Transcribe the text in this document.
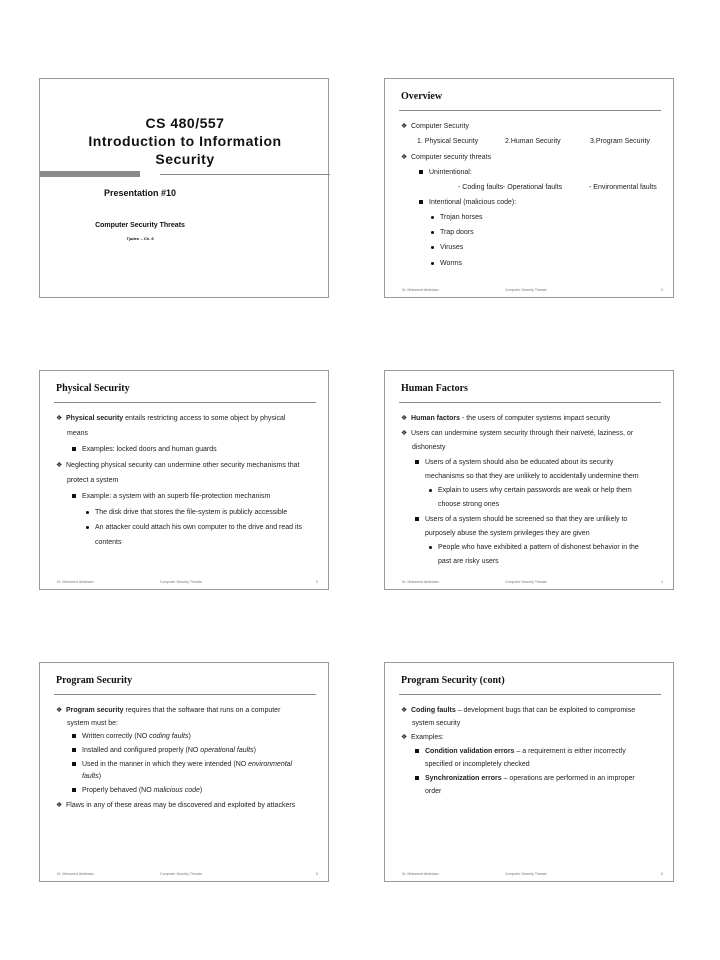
CS 480/557
Introduction to Information
Security
Presentation #10
Computer Security Threats
Tjaden – Ch. 8
Overview
❖ Computer Security
1. Physical Security	2.Human Security	3.Program Security
❖ Computer security threats
Unintentional:
- Coding faults - Operational faults	- Environmental faults
Intentional (malicious code):
Trojan horses
Trap doors
Viruses
Worms
Dr. Mohamed Abdelaziz	Computer Security Threats	2
Physical Security
❖ Physical security entails restricting access to some object by physical
means
Examples: locked doors and human guards
❖ Neglecting physical security can undermine other security mechanisms that
protect a system
Example: a system with an superb file-protection mechanism
The disk drive that stores the file-system is publicly accessible
An attacker could attach his own computer to the drive and read its
contents
Dr. Mohamed Abdelaziz	Computer Security Threats	3
Human Factors
❖ Human factors - the users of computer systems impact security
❖ Users can undermine system security through their naïveté, laziness, or
dishonesty
Users of a system should also be educated about its security
mechanisms so that they are unlikely to accidentally undermine them
Explain to users why certain passwords are weak or help them
choose strong ones
Users of a system should be screened so that they are unlikely to
purposely abuse the system privileges they are given
People who have exhibited a pattern of dishonest behavior in the
past are risky users
Dr. Mohamed Abdelaziz	Computer Security Threats	4
Program Security
❖ Program security requires that the software that runs on a computer
system must be:
Written correctly (NO coding faults)
Installed and configured properly (NO operational faults)
Used in the manner in which they were intended (NO environmental
faults)
Properly behaved (NO malicious code)
❖ Flaws in any of these areas may be discovered and exploited by attackers
Dr. Mohamed Abdelaziz	Computer Security Threats	5
Program Security (cont)
❖ Coding faults – development bugs that can be exploited to compromise
system security
❖ Examples:
Condition validation errors – a requirement is either incorrectly
specified or incompletely checked
Synchronization errors – operations are performed in an improper
order
Dr. Mohamed Abdelaziz	Computer Security Threats	6
